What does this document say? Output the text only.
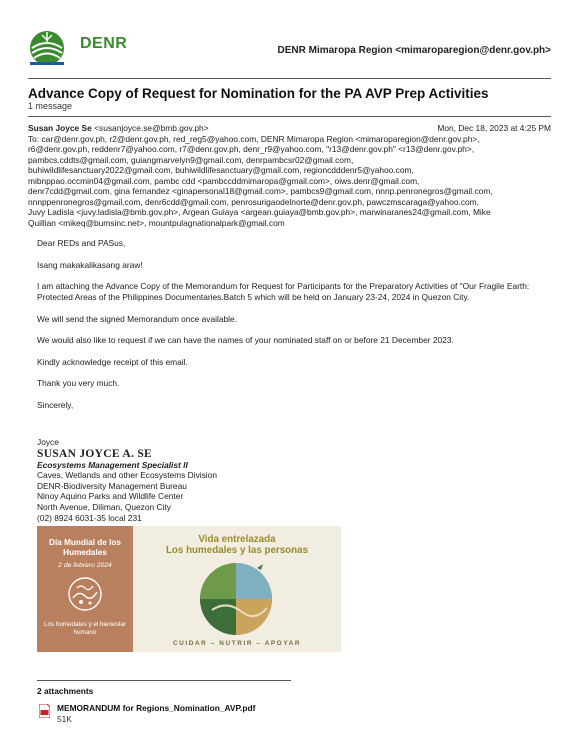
DENR	DENR Mimaropa Region <mimaroparegion@denr.gov.ph>
Advance Copy of Request for Nomination for the PA AVP Prep Activities
1 message
Susan Joyce Se <susanjoyce.se@bmb.gov.ph>	Mon, Dec 18, 2023 at 4:25 PM
To: car@denr.gov.ph, r2@denr.gov.ph, red_reg5@yahoo.com, DENR Mimaropa Region <mimaroparegion@denr.gov.ph>,
r6@denr.gov.ph, reddenr7@yahoo.com, r7@denr.gov.ph, denr_r9@yahoo.com, "r13@denr.gov.ph" <r13@denr.gov.ph>,
pambcs.cddts@gmail.com, guiangmarvelyn9@gmail.com, denrpambcsr02@gmail.com,
buhiwildlifesanctuary2022@gmail.com, buhiwildlifesanctuary@gmail.com, regioncdddenr5@yahoo.com,
mibnppao.occmin04@gmail.com, pambc cdd <pambccddmimaropa@gmail.com>, oiws.denr@gmail.com,
denr7cdd@gmail.com, gina fernandez <ginapersonal18@gmail.com>, pambcs9@gmail.com, nnnp.penronegros@gmail.com,
nnnppenronegros@gmail.com, denr6cdd@gmail.com, penrosurigaodelnorte@denr.gov.ph, pawczmscaraga@yahoo.com,
Juvy Ladisla <juvy.ladisla@bmb.gov.ph>, Argean Guiaya <argean.guiaya@bmb.gov.ph>, marwinaranes24@gmail.com, Mike
Quillian <mikeq@bumsinc.net>, mountpulagnationalpark@gmail.com

Dear REDs and PASus,

Isang makakalikasang araw!

I am attaching the Advance Copy of the Memorandum for Request for Participants for the Preparatory Activities of "Our Fragile Earth: Protected Areas of the Philippines Documentaries.Batch 5 which will be held on January 23-24, 2024 in Quezon City.

We will send the signed Memorandum once available.

We would also like to request if we can have the names of your nominated staff on or before 21 December 2023.

Kindly acknowledge receipt of this email.

Thank you very much.

Sincerely,

Joyce
SUSAN JOYCE A. SE
Ecosystems Management Specialist II
Caves, Wetlands and other Ecosystems Division
DENR-Biodiversity Management Bureau
Ninoy Aquino Parks and Wildlife Center
North Avenue, Diliman, Quezon City
(02) 8924 6031-35 local 231
Día Mundial de los Humedales
2 de febrero 2024
Los humedales y el bienestar humano
Vida entrelazada
Los humedales y las personas
CUIDAR – NUTRIR – APOYAR
2 attachments
MEMORANDUM for Regions_Nomination_AVP.pdf
51K
